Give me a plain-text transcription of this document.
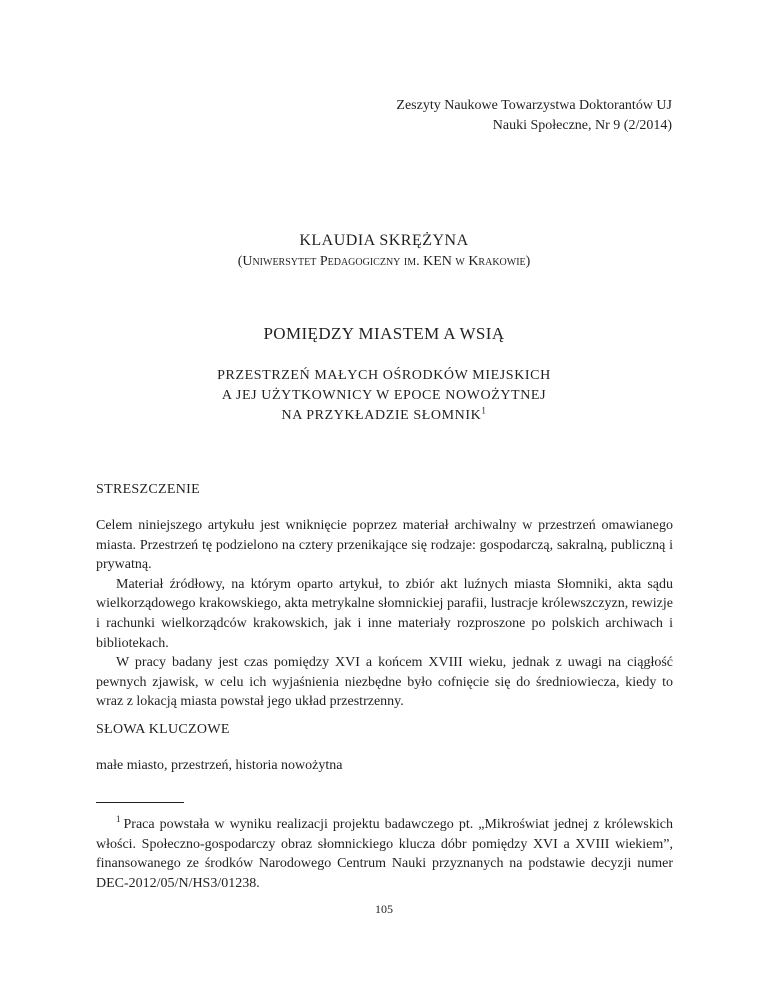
Zeszyty Naukowe Towarzystwa Doktorantów UJ
Nauki Społeczne, Nr 9 (2/2014)
KLAUDIA SKRĘŻYNA
(Uniwersytet Pedagogiczny im. KEN w Krakowie)
POMIĘDZY MIASTEM A WSIĄ
PRZESTRZEŃ MAŁYCH OŚRODKÓW MIEJSKICH
A JEJ UŻYTKOWNICY W EPOCE NOWOŻYTNEJ
NA PRZYKŁADZIE SŁOMNIK$^1$
STRESZCZENIE

Celem niniejszego artykułu jest wniknięcie poprzez materiał archiwalny w przestrzeń omawianego miasta. Przestrzeń tę podzielono na cztery przenikające się rodzaje: gospodarczą, sakralną, publiczną i prywatną.

Materiał źródłowy, na którym oparto artykuł, to zbiór akt luźnych miasta Słomniki, akta sądu wielkorządowego krakowskiego, akta metrykalne słomnickiej parafii, lustracje królewszczyzn, rewizje i rachunki wielkorządców krakowskich, jak i inne materiały rozproszone po polskich archiwach i bibliotekach.

W pracy badany jest czas pomiędzy XVI a końcem XVIII wieku, jednak z uwagi na ciągłość pewnych zjawisk, w celu ich wyjaśnienia niezbędne było cofnięcie się do średniowiecza, kiedy to wraz z lokacją miasta powstał jego układ przestrzenny.

SŁOWA KLUCZOWE
małe miasto, przestrzeń, historia nowożytna
$^1$ Praca powstała w wyniku realizacji projektu badawczego pt. „Mikroświat jednej z królewskich włości. Społeczno-gospodarczy obraz słomnickiego klucza dóbr pomiędzy XVI a XVIII wiekiem”, finansowanego ze środków Narodowego Centrum Nauki przyznanych na podstawie decyzji numer DEC-2012/05/N/HS3/01238.
105
